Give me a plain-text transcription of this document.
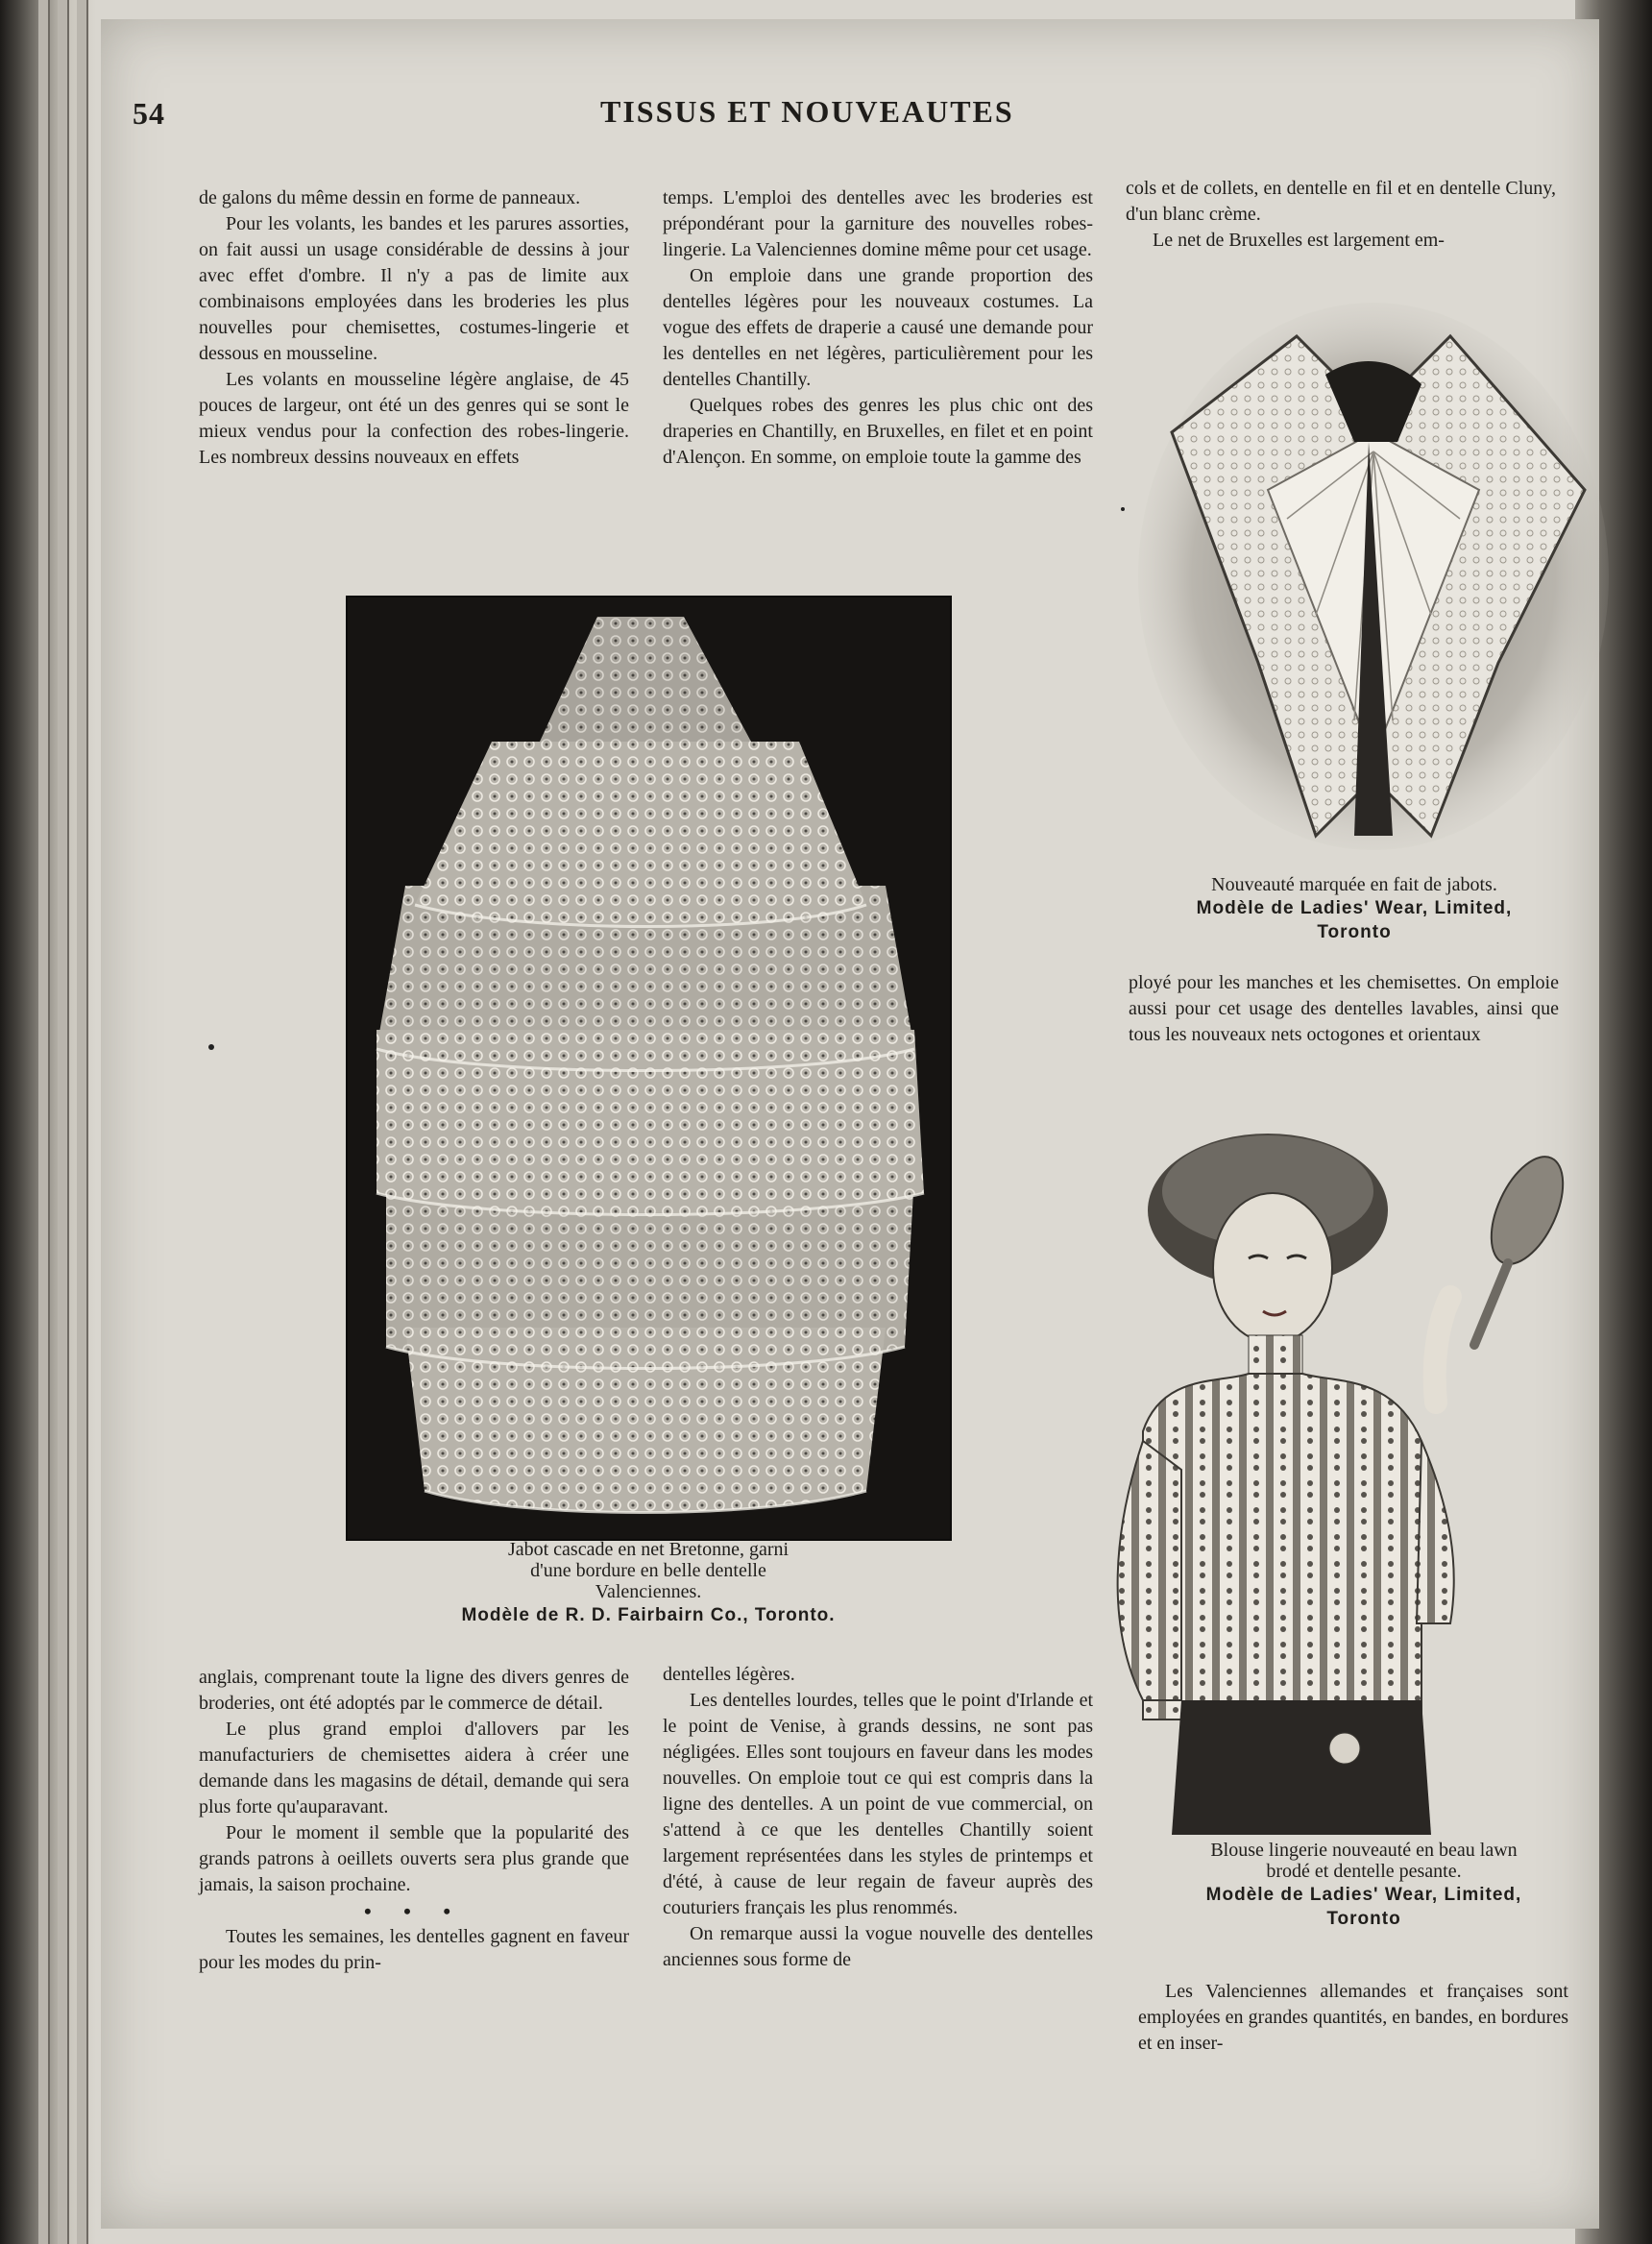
54	TISSUS ET NOUVEAUTES

de galons du même dessin en forme de panneaux.

Pour les volants, les bandes et les parures assorties, on fait aussi un usage considérable de dessins à jour avec effet d'ombre. Il n'y a pas de limite aux combinaisons employées dans les broderies les plus nouvelles pour chemisettes, costumes-lingerie et dessous en mousseline.

Les volants en mousseline légère anglaise, de 45 pouces de largeur, ont été un des genres qui se sont le mieux vendus pour la confection des robes-lingerie. Les nombreux dessins nouveaux en effets

temps. L'emploi des dentelles avec les broderies est prépondérant pour la garniture des nouvelles robes-lingerie. La Valenciennes domine même pour cet usage.

On emploie dans une grande proportion des dentelles légères pour les nouveaux costumes. La vogue des effets de draperie a causé une demande pour les dentelles en net légères, particulièrement pour les dentelles Chantilly.

Quelques robes des genres les plus chic ont des draperies en Chantilly, en Bruxelles, en filet et en point d'Alençon. En somme, on emploie toute la gamme des

cols et de collets, en dentelle en fil et en dentelle Cluny, d'un blanc crème.

Le net de Bruxelles est largement em-

Nouveauté marquée en fait de jabots.
Modèle de Ladies' Wear, Limited,
Toronto

ployé pour les manches et les chemisettes. On emploie aussi pour cet usage des dentelles lavables, ainsi que tous les nouveaux nets octogones et orientaux

Jabot cascade en net Bretonne, garni
d'une bordure en belle dentelle
Valenciennes.
Modèle de R. D. Fairbairn Co., Toronto.

anglais, comprenant toute la ligne des divers genres de broderies, ont été adoptés par le commerce de détail.

Le plus grand emploi d'allovers par les manufacturiers de chemisettes aidera à créer une demande dans les magasins de détail, demande qui sera plus forte qu'auparavant.

Pour le moment il semble que la popularité des grands patrons à oeillets ouverts sera plus grande que jamais, la saison prochaine.

• • •

Toutes les semaines, les dentelles gagnent en faveur pour les modes du prin-

dentelles légères.

Les dentelles lourdes, telles que le point d'Irlande et le point de Venise, à grands dessins, ne sont pas négligées. Elles sont toujours en faveur dans les modes nouvelles. On emploie tout ce qui est compris dans la ligne des dentelles. A un point de vue commercial, on s'attend à ce que les dentelles Chantilly soient largement représentées dans les styles de printemps et d'été, à cause de leur regain de faveur auprès des couturiers français les plus renommés.

On remarque aussi la vogue nouvelle des dentelles anciennes sous forme de

Blouse lingerie nouveauté en beau lawn
brodé et dentelle pesante.
Modèle de Ladies' Wear, Limited,
Toronto

Les Valenciennes allemandes et françaises sont employées en grandes quantités, en bandes, en bordures et en inser-
